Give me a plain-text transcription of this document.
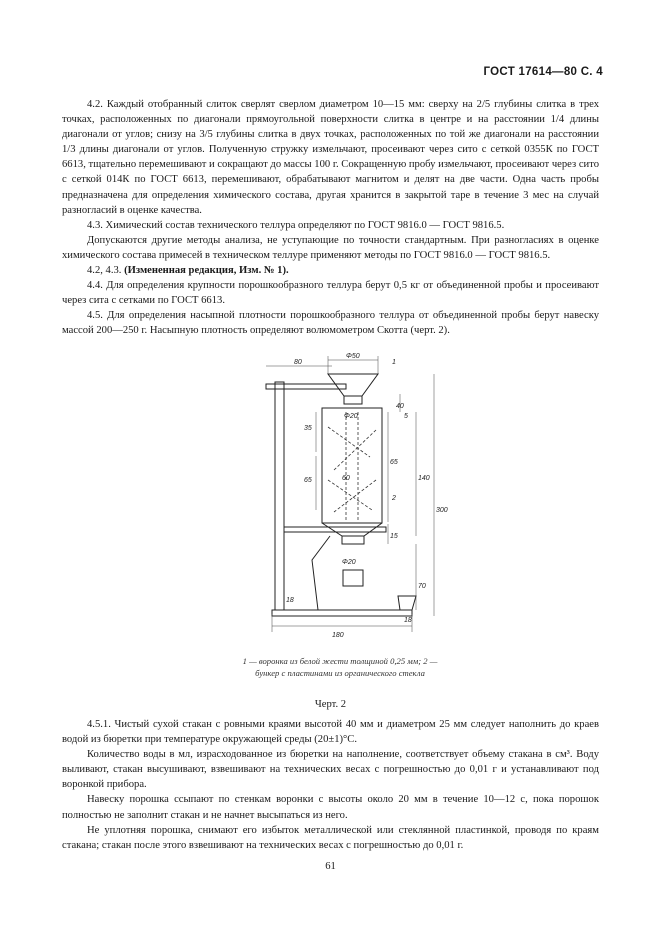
ГОСТ 17614—80 С. 4

4.2. Каждый отобранный слиток сверлят сверлом диаметром 10—15 мм: сверху на 2/5 глубины слитка в трех точках, расположенных по диагонали прямоугольной поверхности слитка в центре и на расстоянии 1/4 длины диагонали от углов; снизу на 3/5 глубины слитка в двух точках, расположенных по той же диагонали на расстоянии 1/3 длины диагонали от углов. Полученную стружку измельчают, просеивают через сито с сеткой 0355К по ГОСТ 6613, тщательно перемешивают и сокращают до массы 100 г. Сокращенную пробу измельчают, просеивают через сито с сеткой 014К по ГОСТ 6613, перемешивают, обрабатывают магнитом и делят на две части. Одна часть пробы предназначена для определения химического состава, другая хранится в закрытой таре в течение 3 мес на случай разногласий в оценке качества.

4.3. Химический состав технического теллура определяют по ГОСТ 9816.0 — ГОСТ 9816.5.

Допускаются другие методы анализа, не уступающие по точности стандартным. При разногласиях в оценке химического состава примесей в техническом теллуре применяют методы по ГОСТ 9816.0 — ГОСТ 9816.5.

4.2, 4.3. (Измененная редакция, Изм. № 1).

4.4. Для определения крупности порошкообразного теллура берут 0,5 кг от объединенной пробы и просеивают через сита с сетками по ГОСТ 6613.

4.5. Для определения насыпной плотности порошкообразного теллура от объединенной пробы берут навеску массой 200—250 г. Насыпную плотность определяют волюмометром Скотта (черт. 2).

80
Φ50
Φ20
60
Φ20
35
65
40
5
65
140
15
300
70
18
18
180
1
2
1 — воронка из белой жести толщиной 0,25 мм; 2 — бункер с пластинами из органического стекла
Черт. 2

4.5.1. Чистый сухой стакан с ровными краями высотой 40 мм и диаметром 25 мм следует наполнить до краев водой из бюретки при температуре окружающей среды (20±1)°С.

Количество воды в мл, израсходованное из бюретки на наполнение, соответствует объему стакана в см³. Воду выливают, стакан высушивают, взвешивают на технических весах с погрешностью до 0,01 г и устанавливают под воронкой прибора.

Навеску порошка ссыпают по стенкам воронки с высоты около 20 мм в течение 10—12 с, пока порошок полностью не заполнит стакан и не начнет высыпаться из него.

Не уплотняя порошка, снимают его избыток металлической или стеклянной пластинкой, проводя по краям стакана; стакан после этого взвешивают на технических весах с погрешностью до 0,01 г.

61
